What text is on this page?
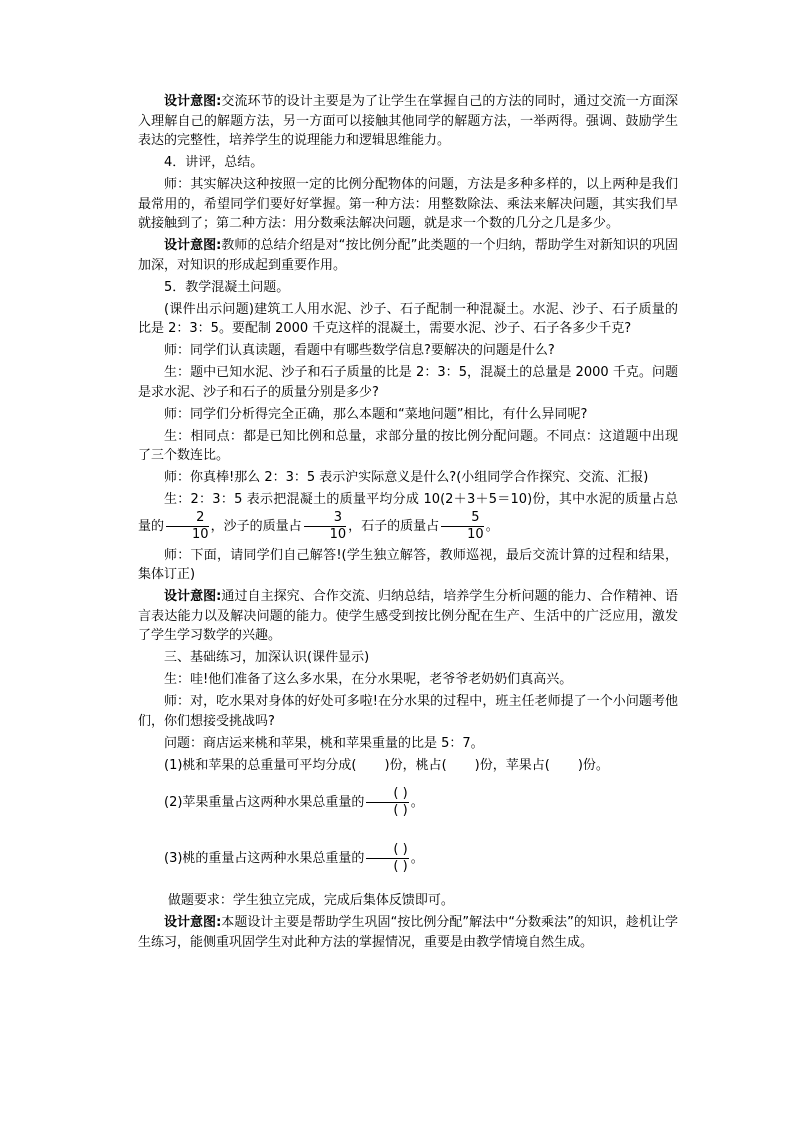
设计意图:交流环节的设计主要是为了让学生在掌握自己的方法的同时，通过交流一方面深入理解自己的解题方法，另一方面可以接触其他同学的解题方法，一举两得。强调、鼓励学生表达的完整性，培养学生的说理能力和逻辑思维能力。

4．讲评，总结。

师：其实解决这种按照一定的比例分配物体的问题，方法是多种多样的，以上两种是我们最常用的，希望同学们要好好掌握。第一种方法：用整数除法、乘法来解决问题，其实我们早就接触到了；第二种方法：用分数乘法解决问题，就是求一个数的几分之几是多少。

设计意图:教师的总结介绍是对“按比例分配”此类题的一个归纳，帮助学生对新知识的巩固加深，对知识的形成起到重要作用。

5．教学混凝土问题。

(课件出示问题)建筑工人用水泥、沙子、石子配制一种混凝土。水泥、沙子、石子质量的比是 2：3：5。要配制 2000 千克这样的混凝土，需要水泥、沙子、石子各多少千克?

师：同学们认真读题，看题中有哪些数学信息?要解决的问题是什么?

生：题中已知水泥、沙子和石子质量的比是 2：3：5，混凝土的总量是 2000 千克。问题是求水泥、沙子和石子的质量分别是多少?

师：同学们分析得完全正确，那么本题和“菜地问题”相比，有什么异同呢?

生：相同点：都是已知比例和总量，求部分量的按比例分配问题。不同点：这道题中出现了三个数连比。

师：你真棒!那么 2：3：5 表示沪实际意义是什么?(小组同学合作探究、交流、汇报)

生：2：3：5 表示把混凝土的质量平均分成 10(2＋3＋5＝10)份，其中水泥的质量占总量的 $\frac{2}{10}$ ，沙子的质量占 $\frac{3}{10}$ ，石子的质量占 $\frac{5}{10}$ 。

师：下面，请同学们自己解答!(学生独立解答，教师巡视，最后交流计算的过程和结果，集体订正)

设计意图:通过自主探究、合作交流、归纳总结，培养学生分析问题的能力、合作精神、语言表达能力以及解决问题的能力。使学生感受到按比例分配在生产、生活中的广泛应用，激发了学生学习数学的兴趣。

三、基础练习，加深认识(课件显示)

生：哇!他们准备了这么多水果，在分水果呢，老爷爷老奶奶们真高兴。

师：对，吃水果对身体的好处可多啦!在分水果的过程中，班主任老师提了一个小问题考他们，你们想接受挑战吗?

问题：商店运来桃和苹果，桃和苹果重量的比是 5：7。

(1)桃和苹果的总重量可平均分成( )份，桃占( )份，苹果占( )份。

(2)苹果重量占这两种水果总重量的 $\frac{( )}{( )}$ 。

(3)桃的重量占这两种水果总重量的 $\frac{( )}{( )}$ 。

做题要求：学生独立完成，完成后集体反馈即可。

设计意图:本题设计主要是帮助学生巩固“按比例分配”解法中“分数乘法”的知识，趁机让学生练习，能侧重巩固学生对此种方法的掌握情况，重要是由教学情境自然生成。
